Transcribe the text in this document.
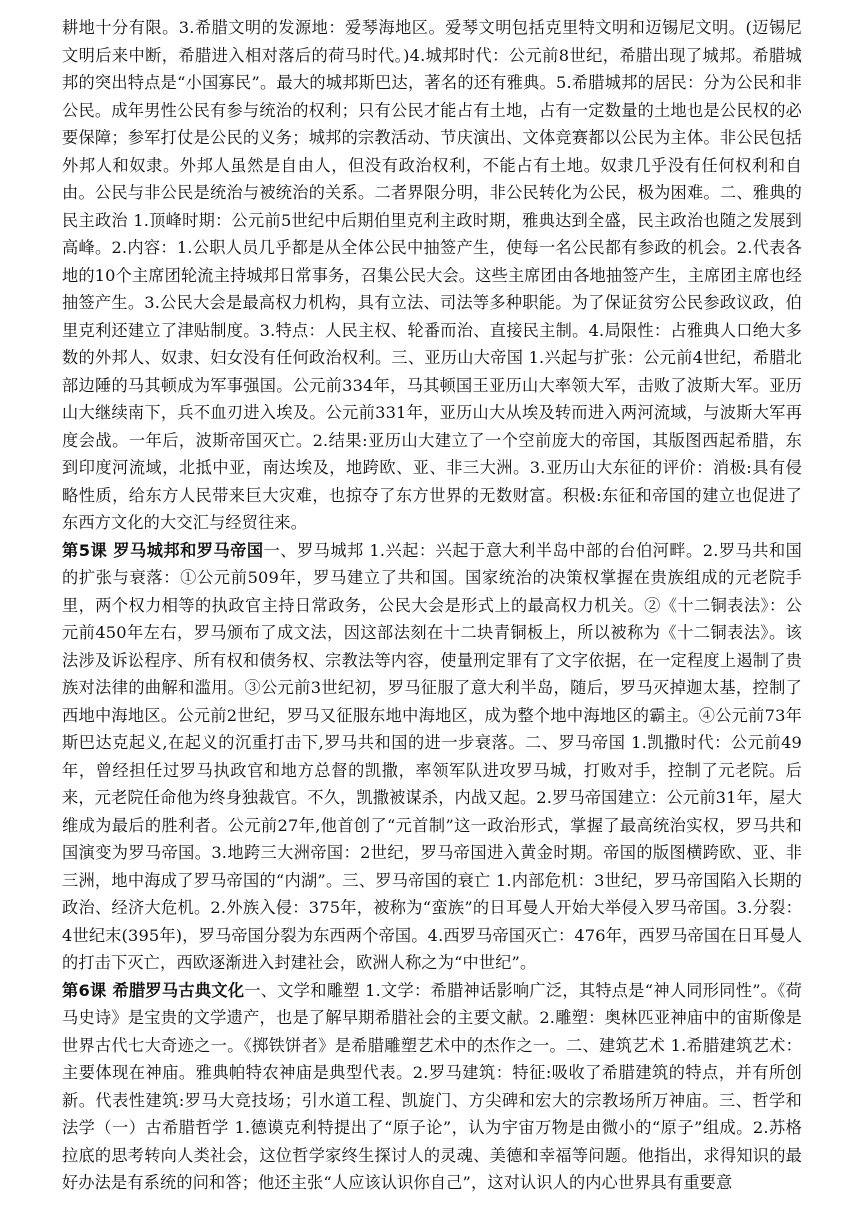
耕地十分有限。3.希腊文明的发源地：爱琴海地区。爱琴文明包括克里特文明和迈锡尼文明。(迈锡尼文明后来中断，希腊进入相对落后的荷马时代。)4.城邦时代：公元前8世纪，希腊出现了城邦。希腊城邦的突出特点是“小国寡民”。最大的城邦斯巴达，著名的还有雅典。5.希腊城邦的居民：分为公民和非公民。成年男性公民有参与统治的权利；只有公民才能占有土地，占有一定数量的土地也是公民权的必要保障；参军打仗是公民的义务；城邦的宗教活动、节庆演出、文体竞赛都以公民为主体。非公民包括外邦人和奴隶。外邦人虽然是自由人，但没有政治权利，不能占有土地。奴隶几乎没有任何权利和自由。公民与非公民是统治与被统治的关系。二者界限分明，非公民转化为公民，极为困难。二、雅典的民主政治 1.顶峰时期：公元前5世纪中后期伯里克利主政时期，雅典达到全盛，民主政治也随之发展到高峰。2.内容：1.公职人员几乎都是从全体公民中抽签产生，使每一名公民都有参政的机会。2.代表各地的10个主席团轮流主持城邦日常事务，召集公民大会。这些主席团由各地抽签产生，主席团主席也经抽签产生。3.公民大会是最高权力机构，具有立法、司法等多种职能。为了保证贫穷公民参政议政，伯里克利还建立了津贴制度。3.特点：人民主权、轮番而治、直接民主制。4.局限性：占雅典人口绝大多数的外邦人、奴隶、妇女没有任何政治权利。三、亚历山大帝国 1.兴起与扩张：公元前4世纪，希腊北部边陲的马其顿成为军事强国。公元前334年，马其顿国王亚历山大率领大军，击败了波斯大军。亚历山大继续南下，兵不血刃进入埃及。公元前331年，亚历山大从埃及转而进入两河流域，与波斯大军再度会战。一年后，波斯帝国灭亡。2.结果:亚历山大建立了一个空前庞大的帝国，其版图西起希腊，东到印度河流域，北抵中亚，南达埃及，地跨欧、亚、非三大洲。3.亚历山大东征的评价：消极:具有侵略性质，给东方人民带来巨大灾难，也掠夺了东方世界的无数财富。积极:东征和帝国的建立也促进了东西方文化的大交汇与经贸往来。

第5课 罗马城邦和罗马帝国一、罗马城邦 1.兴起：兴起于意大利半岛中部的台伯河畔。2.罗马共和国的扩张与衰落：①公元前509年，罗马建立了共和国。国家统治的决策权掌握在贵族组成的元老院手里，两个权力相等的执政官主持日常政务，公民大会是形式上的最高权力机关。②《十二铜表法》：公元前450年左右，罗马颁布了成文法，因这部法刻在十二块青铜板上，所以被称为《十二铜表法》。该法涉及诉讼程序、所有权和债务权、宗教法等内容，使量刑定罪有了文字依据，在一定程度上遏制了贵族对法律的曲解和滥用。③公元前3世纪初，罗马征服了意大利半岛，随后，罗马灭掉迦太基，控制了西地中海地区。公元前2世纪，罗马又征服东地中海地区，成为整个地中海地区的霸主。④公元前73年斯巴达克起义,在起义的沉重打击下,罗马共和国的进一步衰落。二、罗马帝国 1.凯撒时代：公元前49年，曾经担任过罗马执政官和地方总督的凯撒，率领军队进攻罗马城，打败对手，控制了元老院。后来，元老院任命他为终身独裁官。不久，凯撒被谋杀，内战又起。2.罗马帝国建立：公元前31年，屋大维成为最后的胜利者。公元前27年,他首创了“元首制”这一政治形式，掌握了最高统治实权，罗马共和国演变为罗马帝国。3.地跨三大洲帝国：2世纪，罗马帝国进入黄金时期。帝国的版图横跨欧、亚、非三洲，地中海成了罗马帝国的“内湖”。三、罗马帝国的衰亡 1.内部危机：3世纪，罗马帝国陷入长期的政治、经济大危机。2.外族入侵：375年，被称为“蛮族”的日耳曼人开始大举侵入罗马帝国。3.分裂：4世纪末(395年)，罗马帝国分裂为东西两个帝国。4.西罗马帝国灭亡：476年，西罗马帝国在日耳曼人的打击下灭亡，西欧逐渐进入封建社会，欧洲人称之为“中世纪”。

第6课 希腊罗马古典文化一、文学和雕塑 1.文学：希腊神话影响广泛，其特点是“神人同形同性”。《荷马史诗》是宝贵的文学遗产，也是了解早期希腊社会的主要文献。2.雕塑：奥林匹亚神庙中的宙斯像是世界古代七大奇迹之一。《掷铁饼者》是希腊雕塑艺术中的杰作之一。二、建筑艺术 1.希腊建筑艺术：主要体现在神庙。雅典帕特农神庙是典型代表。2.罗马建筑：特征:吸收了希腊建筑的特点，并有所创新。代表性建筑:罗马大竞技场；引水道工程、凯旋门、方尖碑和宏大的宗教场所万神庙。三、哲学和法学（一）古希腊哲学 1.德谟克利特提出了“原子论”，认为宇宙万物是由微小的“原子”组成。2.苏格拉底的思考转向人类社会，这位哲学家终生探讨人的灵魂、美德和幸福等问题。他指出，求得知识的最好办法是有系统的问和答；他还主张“人应该认识你自己”，这对认识人的内心世界具有重要意
